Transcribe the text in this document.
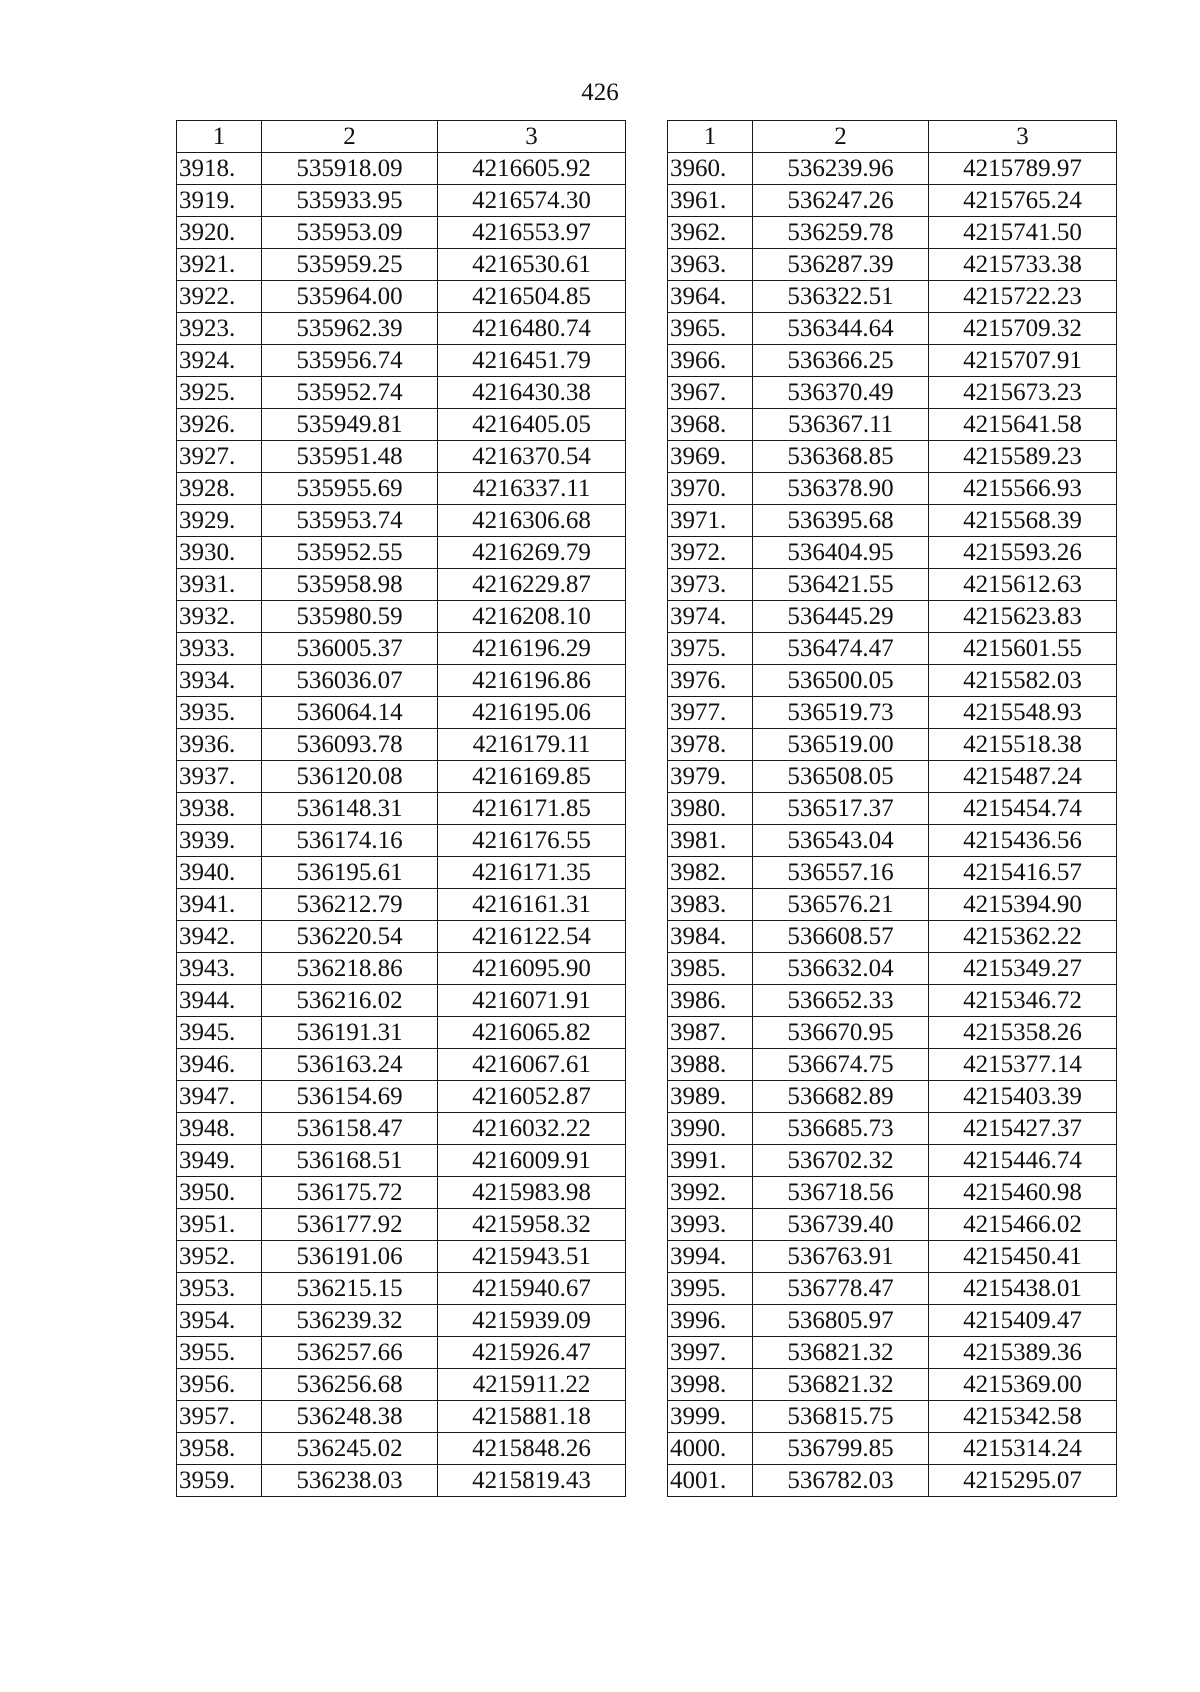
426
1	2	3
3918.	535918.09	4216605.92
3919.	535933.95	4216574.30
3920.	535953.09	4216553.97
3921.	535959.25	4216530.61
3922.	535964.00	4216504.85
3923.	535962.39	4216480.74
3924.	535956.74	4216451.79
3925.	535952.74	4216430.38
3926.	535949.81	4216405.05
3927.	535951.48	4216370.54
3928.	535955.69	4216337.11
3929.	535953.74	4216306.68
3930.	535952.55	4216269.79
3931.	535958.98	4216229.87
3932.	535980.59	4216208.10
3933.	536005.37	4216196.29
3934.	536036.07	4216196.86
3935.	536064.14	4216195.06
3936.	536093.78	4216179.11
3937.	536120.08	4216169.85
3938.	536148.31	4216171.85
3939.	536174.16	4216176.55
3940.	536195.61	4216171.35
3941.	536212.79	4216161.31
3942.	536220.54	4216122.54
3943.	536218.86	4216095.90
3944.	536216.02	4216071.91
3945.	536191.31	4216065.82
3946.	536163.24	4216067.61
3947.	536154.69	4216052.87
3948.	536158.47	4216032.22
3949.	536168.51	4216009.91
3950.	536175.72	4215983.98
3951.	536177.92	4215958.32
3952.	536191.06	4215943.51
3953.	536215.15	4215940.67
3954.	536239.32	4215939.09
3955.	536257.66	4215926.47
3956.	536256.68	4215911.22
3957.	536248.38	4215881.18
3958.	536245.02	4215848.26
3959.	536238.03	4215819.43
1	2	3
3960.	536239.96	4215789.97
3961.	536247.26	4215765.24
3962.	536259.78	4215741.50
3963.	536287.39	4215733.38
3964.	536322.51	4215722.23
3965.	536344.64	4215709.32
3966.	536366.25	4215707.91
3967.	536370.49	4215673.23
3968.	536367.11	4215641.58
3969.	536368.85	4215589.23
3970.	536378.90	4215566.93
3971.	536395.68	4215568.39
3972.	536404.95	4215593.26
3973.	536421.55	4215612.63
3974.	536445.29	4215623.83
3975.	536474.47	4215601.55
3976.	536500.05	4215582.03
3977.	536519.73	4215548.93
3978.	536519.00	4215518.38
3979.	536508.05	4215487.24
3980.	536517.37	4215454.74
3981.	536543.04	4215436.56
3982.	536557.16	4215416.57
3983.	536576.21	4215394.90
3984.	536608.57	4215362.22
3985.	536632.04	4215349.27
3986.	536652.33	4215346.72
3987.	536670.95	4215358.26
3988.	536674.75	4215377.14
3989.	536682.89	4215403.39
3990.	536685.73	4215427.37
3991.	536702.32	4215446.74
3992.	536718.56	4215460.98
3993.	536739.40	4215466.02
3994.	536763.91	4215450.41
3995.	536778.47	4215438.01
3996.	536805.97	4215409.47
3997.	536821.32	4215389.36
3998.	536821.32	4215369.00
3999.	536815.75	4215342.58
4000.	536799.85	4215314.24
4001.	536782.03	4215295.07
